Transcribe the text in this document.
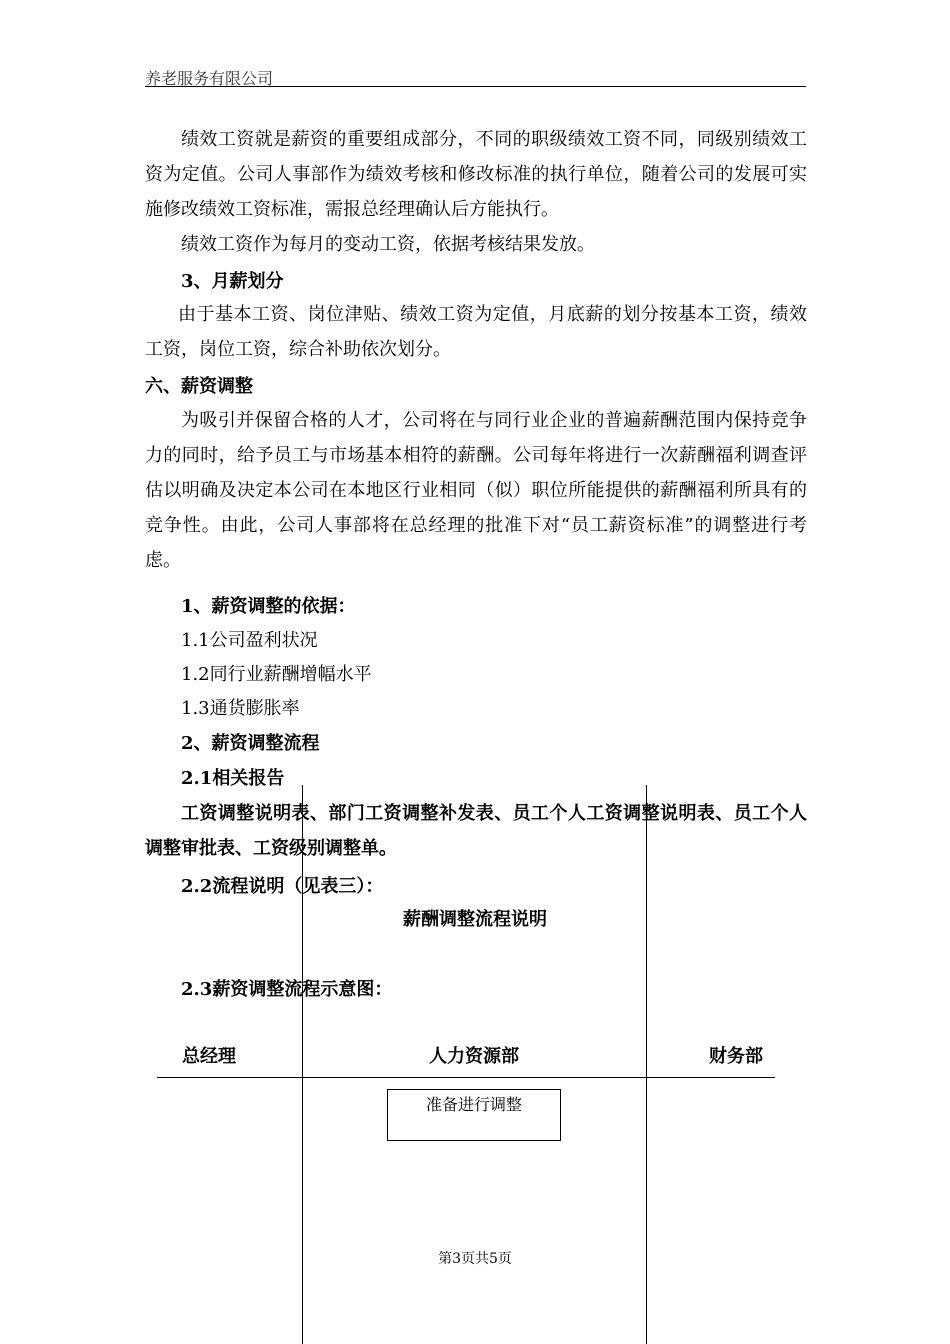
养老服务有限公司
绩效工资就是薪资的重要组成部分，不同的职级绩效工资不同，同级别绩效工资为定值。公司人事部作为绩效考核和修改标准的执行单位，随着公司的发展可实施修改绩效工资标准，需报总经理确认后方能执行。
绩效工资作为每月的变动工资，依据考核结果发放。
3、月薪划分
由于基本工资、岗位津贴、绩效工资为定值，月底薪的划分按基本工资，绩效工资，岗位工资，综合补助依次划分。
六、薪资调整
为吸引并保留合格的人才，公司将在与同行业企业的普遍薪酬范围内保持竞争力的同时，给予员工与市场基本相符的薪酬。公司每年将进行一次薪酬福利调查评估以明确及决定本公司在本地区行业相同（似）职位所能提供的薪酬福利所具有的竞争性。由此，公司人事部将在总经理的批准下对“员工薪资标准”的调整进行考虑。
1、薪资调整的依据：
1.1公司盈利状况
1.2同行业薪酬增幅水平
1.3通货膨胀率
2、薪资调整流程
2.1相关报告
工资调整说明表、部门工资调整补发表、员工个人工资调整说明表、员工个人调整审批表、工资级别调整单。
2.2流程说明（见表三）：
薪酬调整流程说明
2.3薪资调整流程示意图：
总经理	人力资源部	财务部
准备进行调整
第3页共5页
